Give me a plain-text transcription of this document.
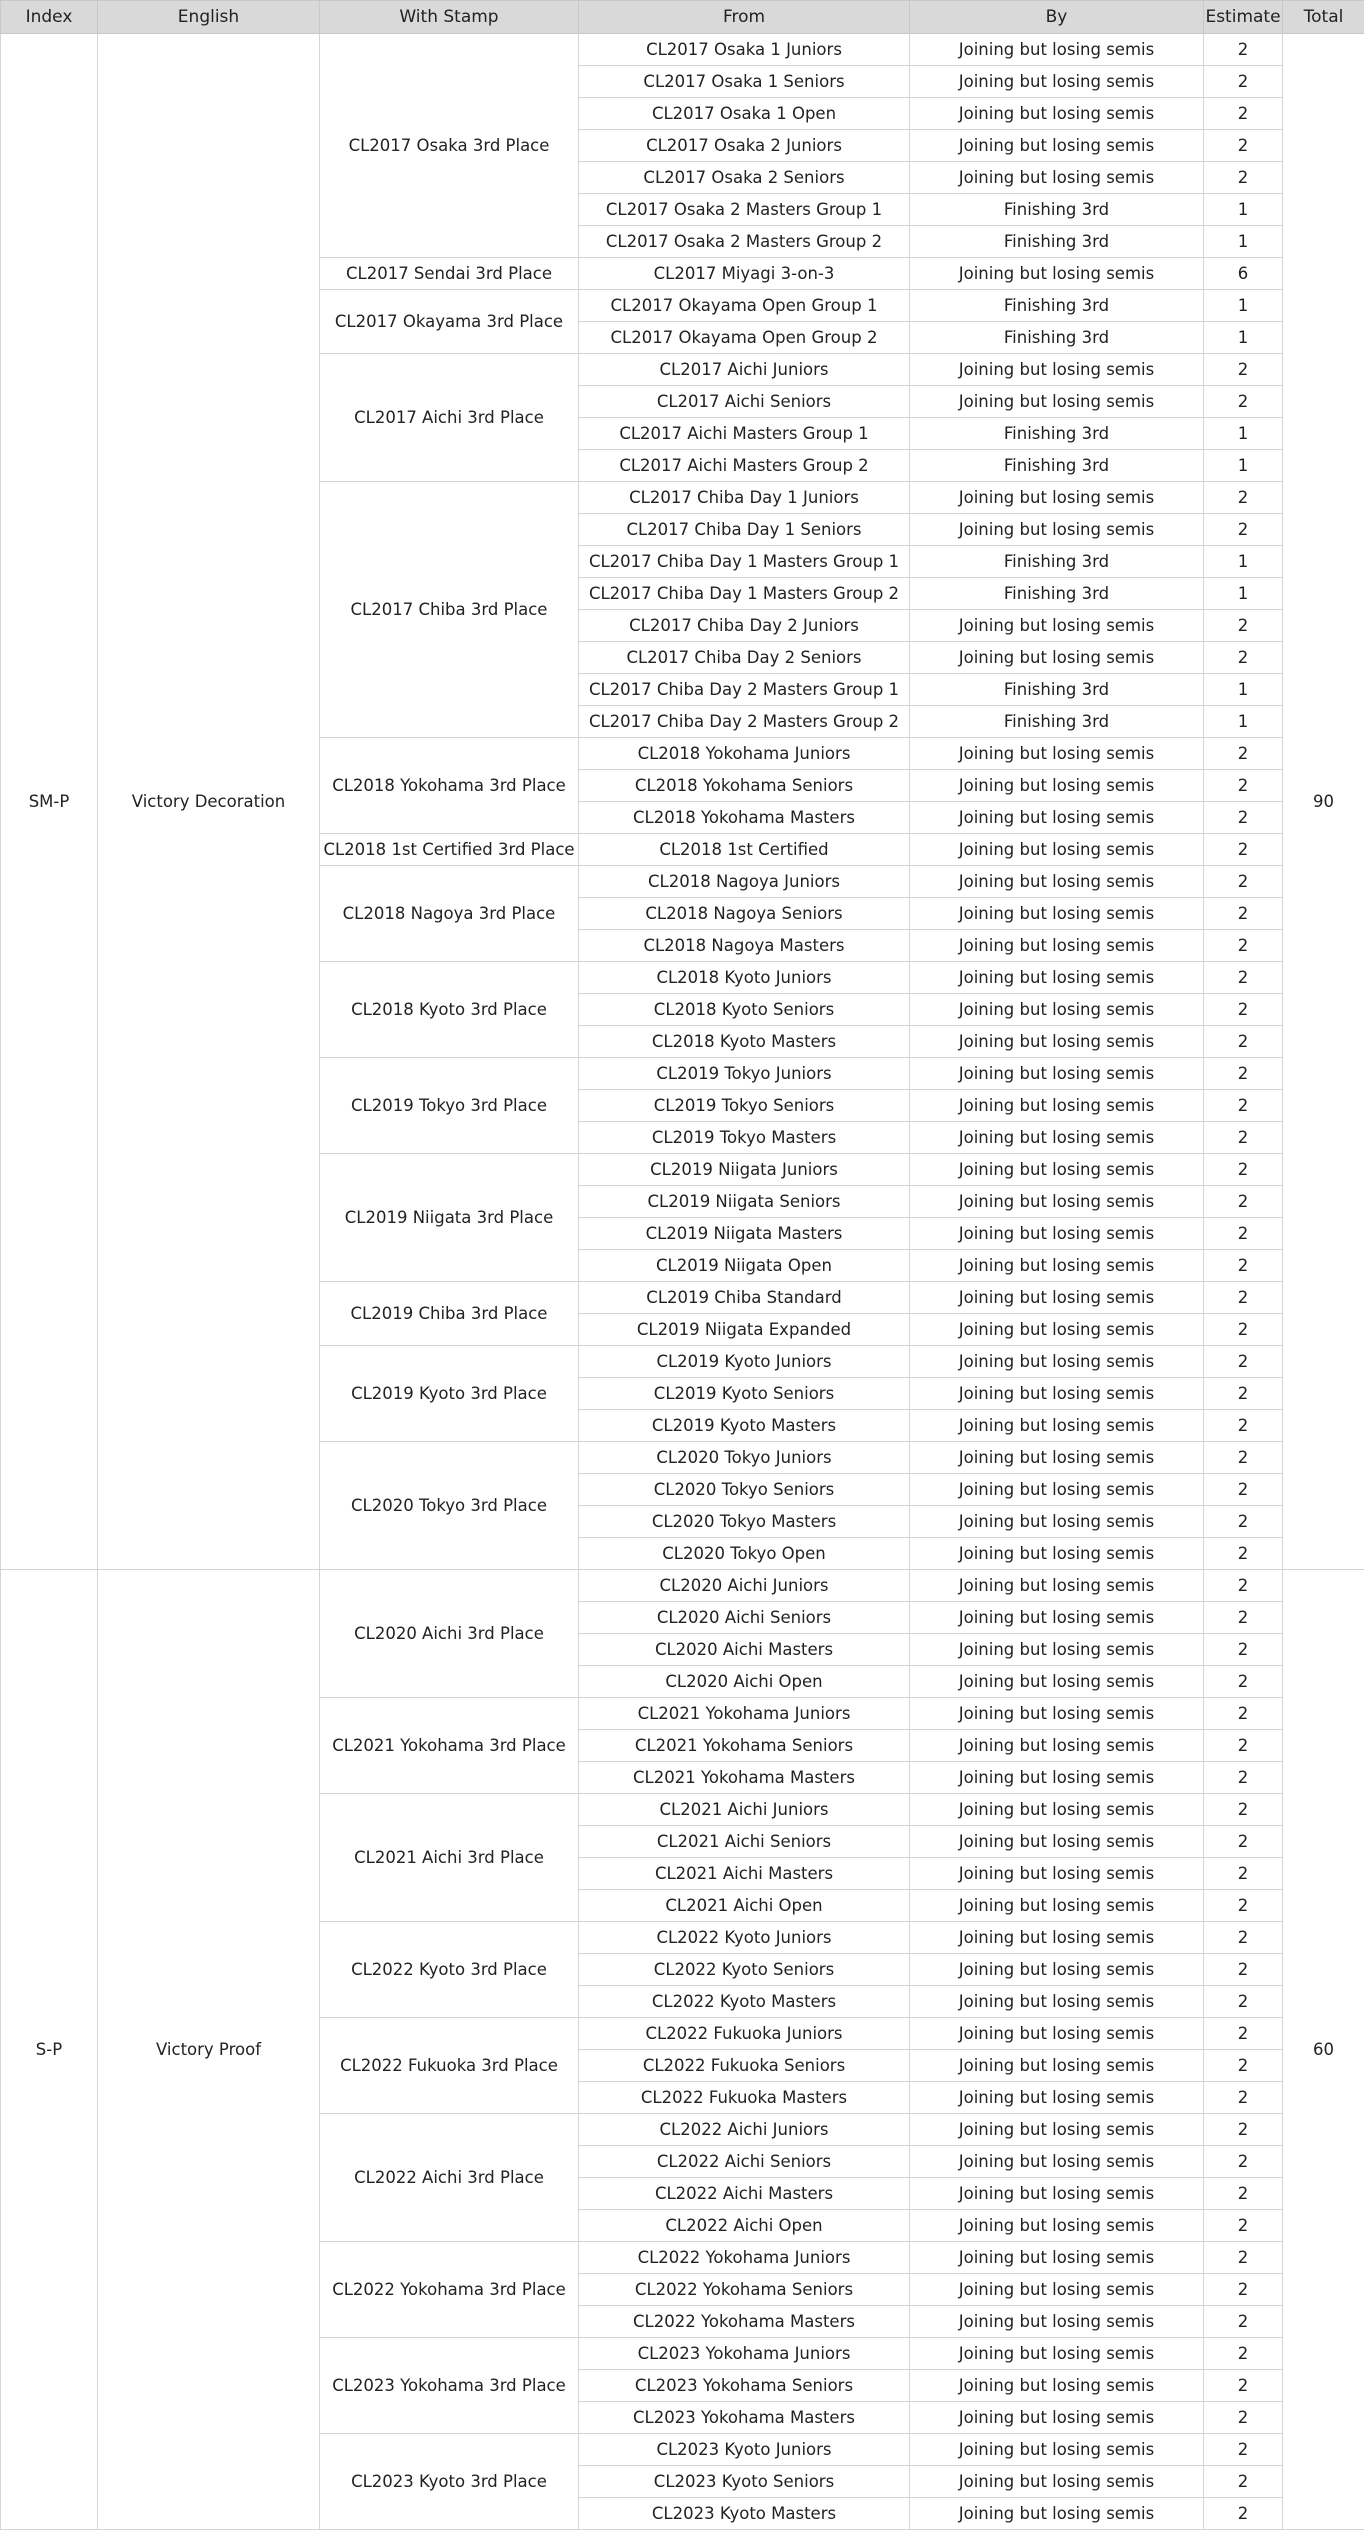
Index	English	With Stamp	From	By	Estimate	Total
SM-P	Victory Decoration	CL2017 Osaka 3rd Place	CL2017 Osaka 1 Juniors	Joining but losing semis	2	90
			CL2017 Osaka 1 Seniors	Joining but losing semis	2	
			CL2017 Osaka 1 Open	Joining but losing semis	2	
			CL2017 Osaka 2 Juniors	Joining but losing semis	2	
			CL2017 Osaka 2 Seniors	Joining but losing semis	2	
			CL2017 Osaka 2 Masters Group 1	Finishing 3rd	1	
			CL2017 Osaka 2 Masters Group 2	Finishing 3rd	1	
		CL2017 Sendai 3rd Place	CL2017 Miyagi 3-on-3	Joining but losing semis	6	
		CL2017 Okayama 3rd Place	CL2017 Okayama Open Group 1	Finishing 3rd	1	
			CL2017 Okayama Open Group 2	Finishing 3rd	1	
		CL2017 Aichi 3rd Place	CL2017 Aichi Juniors	Joining but losing semis	2	
			CL2017 Aichi Seniors	Joining but losing semis	2	
			CL2017 Aichi Masters Group 1	Finishing 3rd	1	
			CL2017 Aichi Masters Group 2	Finishing 3rd	1	
		CL2017 Chiba 3rd Place	CL2017 Chiba Day 1 Juniors	Joining but losing semis	2	
			CL2017 Chiba Day 1 Seniors	Joining but losing semis	2	
			CL2017 Chiba Day 1 Masters Group 1	Finishing 3rd	1	
			CL2017 Chiba Day 1 Masters Group 2	Finishing 3rd	1	
			CL2017 Chiba Day 2 Juniors	Joining but losing semis	2	
			CL2017 Chiba Day 2 Seniors	Joining but losing semis	2	
			CL2017 Chiba Day 2 Masters Group 1	Finishing 3rd	1	
			CL2017 Chiba Day 2 Masters Group 2	Finishing 3rd	1	
		CL2018 Yokohama 3rd Place	CL2018 Yokohama Juniors	Joining but losing semis	2	
			CL2018 Yokohama Seniors	Joining but losing semis	2	
			CL2018 Yokohama Masters	Joining but losing semis	2	
		CL2018 1st Certified 3rd Place	CL2018 1st Certified	Joining but losing semis	2	
		CL2018 Nagoya 3rd Place	CL2018 Nagoya Juniors	Joining but losing semis	2	
			CL2018 Nagoya Seniors	Joining but losing semis	2	
			CL2018 Nagoya Masters	Joining but losing semis	2	
		CL2018 Kyoto 3rd Place	CL2018 Kyoto Juniors	Joining but losing semis	2	
			CL2018 Kyoto Seniors	Joining but losing semis	2	
			CL2018 Kyoto Masters	Joining but losing semis	2	
		CL2019 Tokyo 3rd Place	CL2019 Tokyo Juniors	Joining but losing semis	2	
			CL2019 Tokyo Seniors	Joining but losing semis	2	
			CL2019 Tokyo Masters	Joining but losing semis	2	
		CL2019 Niigata 3rd Place	CL2019 Niigata Juniors	Joining but losing semis	2	
			CL2019 Niigata Seniors	Joining but losing semis	2	
			CL2019 Niigata Masters	Joining but losing semis	2	
			CL2019 Niigata Open	Joining but losing semis	2	
		CL2019 Chiba 3rd Place	CL2019 Chiba Standard	Joining but losing semis	2	
			CL2019 Niigata Expanded	Joining but losing semis	2	
		CL2019 Kyoto 3rd Place	CL2019 Kyoto Juniors	Joining but losing semis	2	
			CL2019 Kyoto Seniors	Joining but losing semis	2	
			CL2019 Kyoto Masters	Joining but losing semis	2	
		CL2020 Tokyo 3rd Place	CL2020 Tokyo Juniors	Joining but losing semis	2	
			CL2020 Tokyo Seniors	Joining but losing semis	2	
			CL2020 Tokyo Masters	Joining but losing semis	2	
			CL2020 Tokyo Open	Joining but losing semis	2	
S-P	Victory Proof	CL2020 Aichi 3rd Place	CL2020 Aichi Juniors	Joining but losing semis	2	60
			CL2020 Aichi Seniors	Joining but losing semis	2	
			CL2020 Aichi Masters	Joining but losing semis	2	
			CL2020 Aichi Open	Joining but losing semis	2	
		CL2021 Yokohama 3rd Place	CL2021 Yokohama Juniors	Joining but losing semis	2	
			CL2021 Yokohama Seniors	Joining but losing semis	2	
			CL2021 Yokohama Masters	Joining but losing semis	2	
		CL2021 Aichi 3rd Place	CL2021 Aichi Juniors	Joining but losing semis	2	
			CL2021 Aichi Seniors	Joining but losing semis	2	
			CL2021 Aichi Masters	Joining but losing semis	2	
			CL2021 Aichi Open	Joining but losing semis	2	
		CL2022 Kyoto 3rd Place	CL2022 Kyoto Juniors	Joining but losing semis	2	
			CL2022 Kyoto Seniors	Joining but losing semis	2	
			CL2022 Kyoto Masters	Joining but losing semis	2	
		CL2022 Fukuoka 3rd Place	CL2022 Fukuoka Juniors	Joining but losing semis	2	
			CL2022 Fukuoka Seniors	Joining but losing semis	2	
			CL2022 Fukuoka Masters	Joining but losing semis	2	
		CL2022 Aichi 3rd Place	CL2022 Aichi Juniors	Joining but losing semis	2	
			CL2022 Aichi Seniors	Joining but losing semis	2	
			CL2022 Aichi Masters	Joining but losing semis	2	
			CL2022 Aichi Open	Joining but losing semis	2	
		CL2022 Yokohama 3rd Place	CL2022 Yokohama Juniors	Joining but losing semis	2	
			CL2022 Yokohama Seniors	Joining but losing semis	2	
			CL2022 Yokohama Masters	Joining but losing semis	2	
		CL2023 Yokohama 3rd Place	CL2023 Yokohama Juniors	Joining but losing semis	2	
			CL2023 Yokohama Seniors	Joining but losing semis	2	
			CL2023 Yokohama Masters	Joining but losing semis	2	
		CL2023 Kyoto 3rd Place	CL2023 Kyoto Juniors	Joining but losing semis	2	
			CL2023 Kyoto Seniors	Joining but losing semis	2	
			CL2023 Kyoto Masters	Joining but losing semis	2	
